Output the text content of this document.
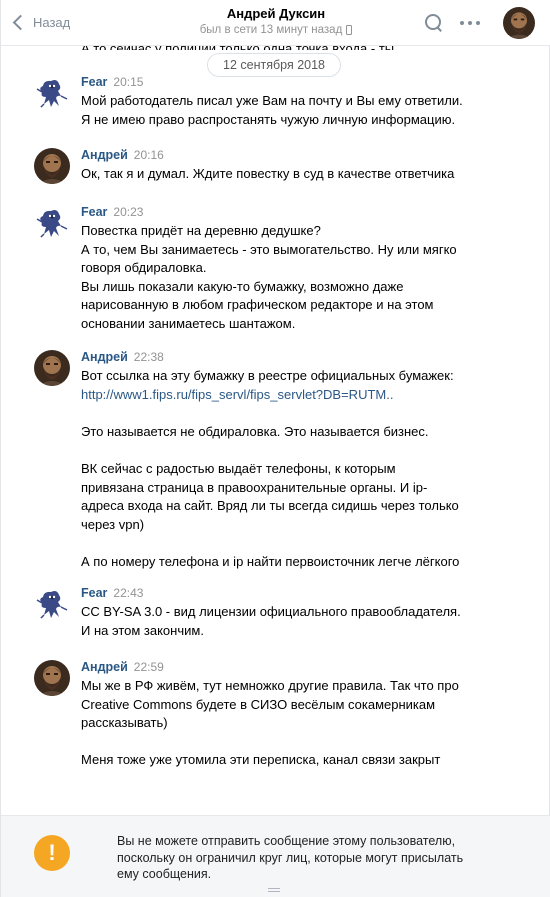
Назад
Андрей Дуксин
был в сети 13 минут назад
12 сентября 2018
Fear 20:15
Мой работодатель писал уже Вам на почту и Вы ему ответили.
Я не имею право распростанять чужую личную информацию.
Андрей 20:16
Ок, так я и думал. Ждите повестку в суд в качестве ответчика
Fear 20:23
Повестка придёт на деревню дедушке?
А то, чем Вы занимаетесь - это вымогательство. Ну или мягко
говоря обдираловка.
Вы лишь показали какую-то бумажку, возможно даже
нарисованную в любом графическом редакторе и на этом
основании занимаетесь шантажом.
Андрей 22:38
Вот ссылка на эту бумажку в реестре официальных бумажек:
http://www1.fips.ru/fips_servl/fips_servlet?DB=RUTM..
Это называется не обдираловка. Это называется бизнес.
ВК сейчас с радостью выдаёт телефоны, к которым
привязана страница в правоохранительные органы. И ip-
адреса входа на сайт. Вряд ли ты всегда сидишь через только
через vpn)
А по номеру телефона и ip найти первоисточник легче лёгкого
Fear 22:43
CC BY-SA 3.0 - вид лицензии официального правообладателя.
И на этом закончим.
Андрей 22:59
Мы же в РФ живём, тут немножко другие правила. Так что про
Creative Commons будете в СИЗО весёлым сокамерникам
рассказывать)
Меня тоже уже утомила эти переписка, канал связи закрыт
!	Вы не можете отправить сообщение этому пользователю,
поскольку он ограничил круг лиц, которые могут присылать
ему сообщения.
